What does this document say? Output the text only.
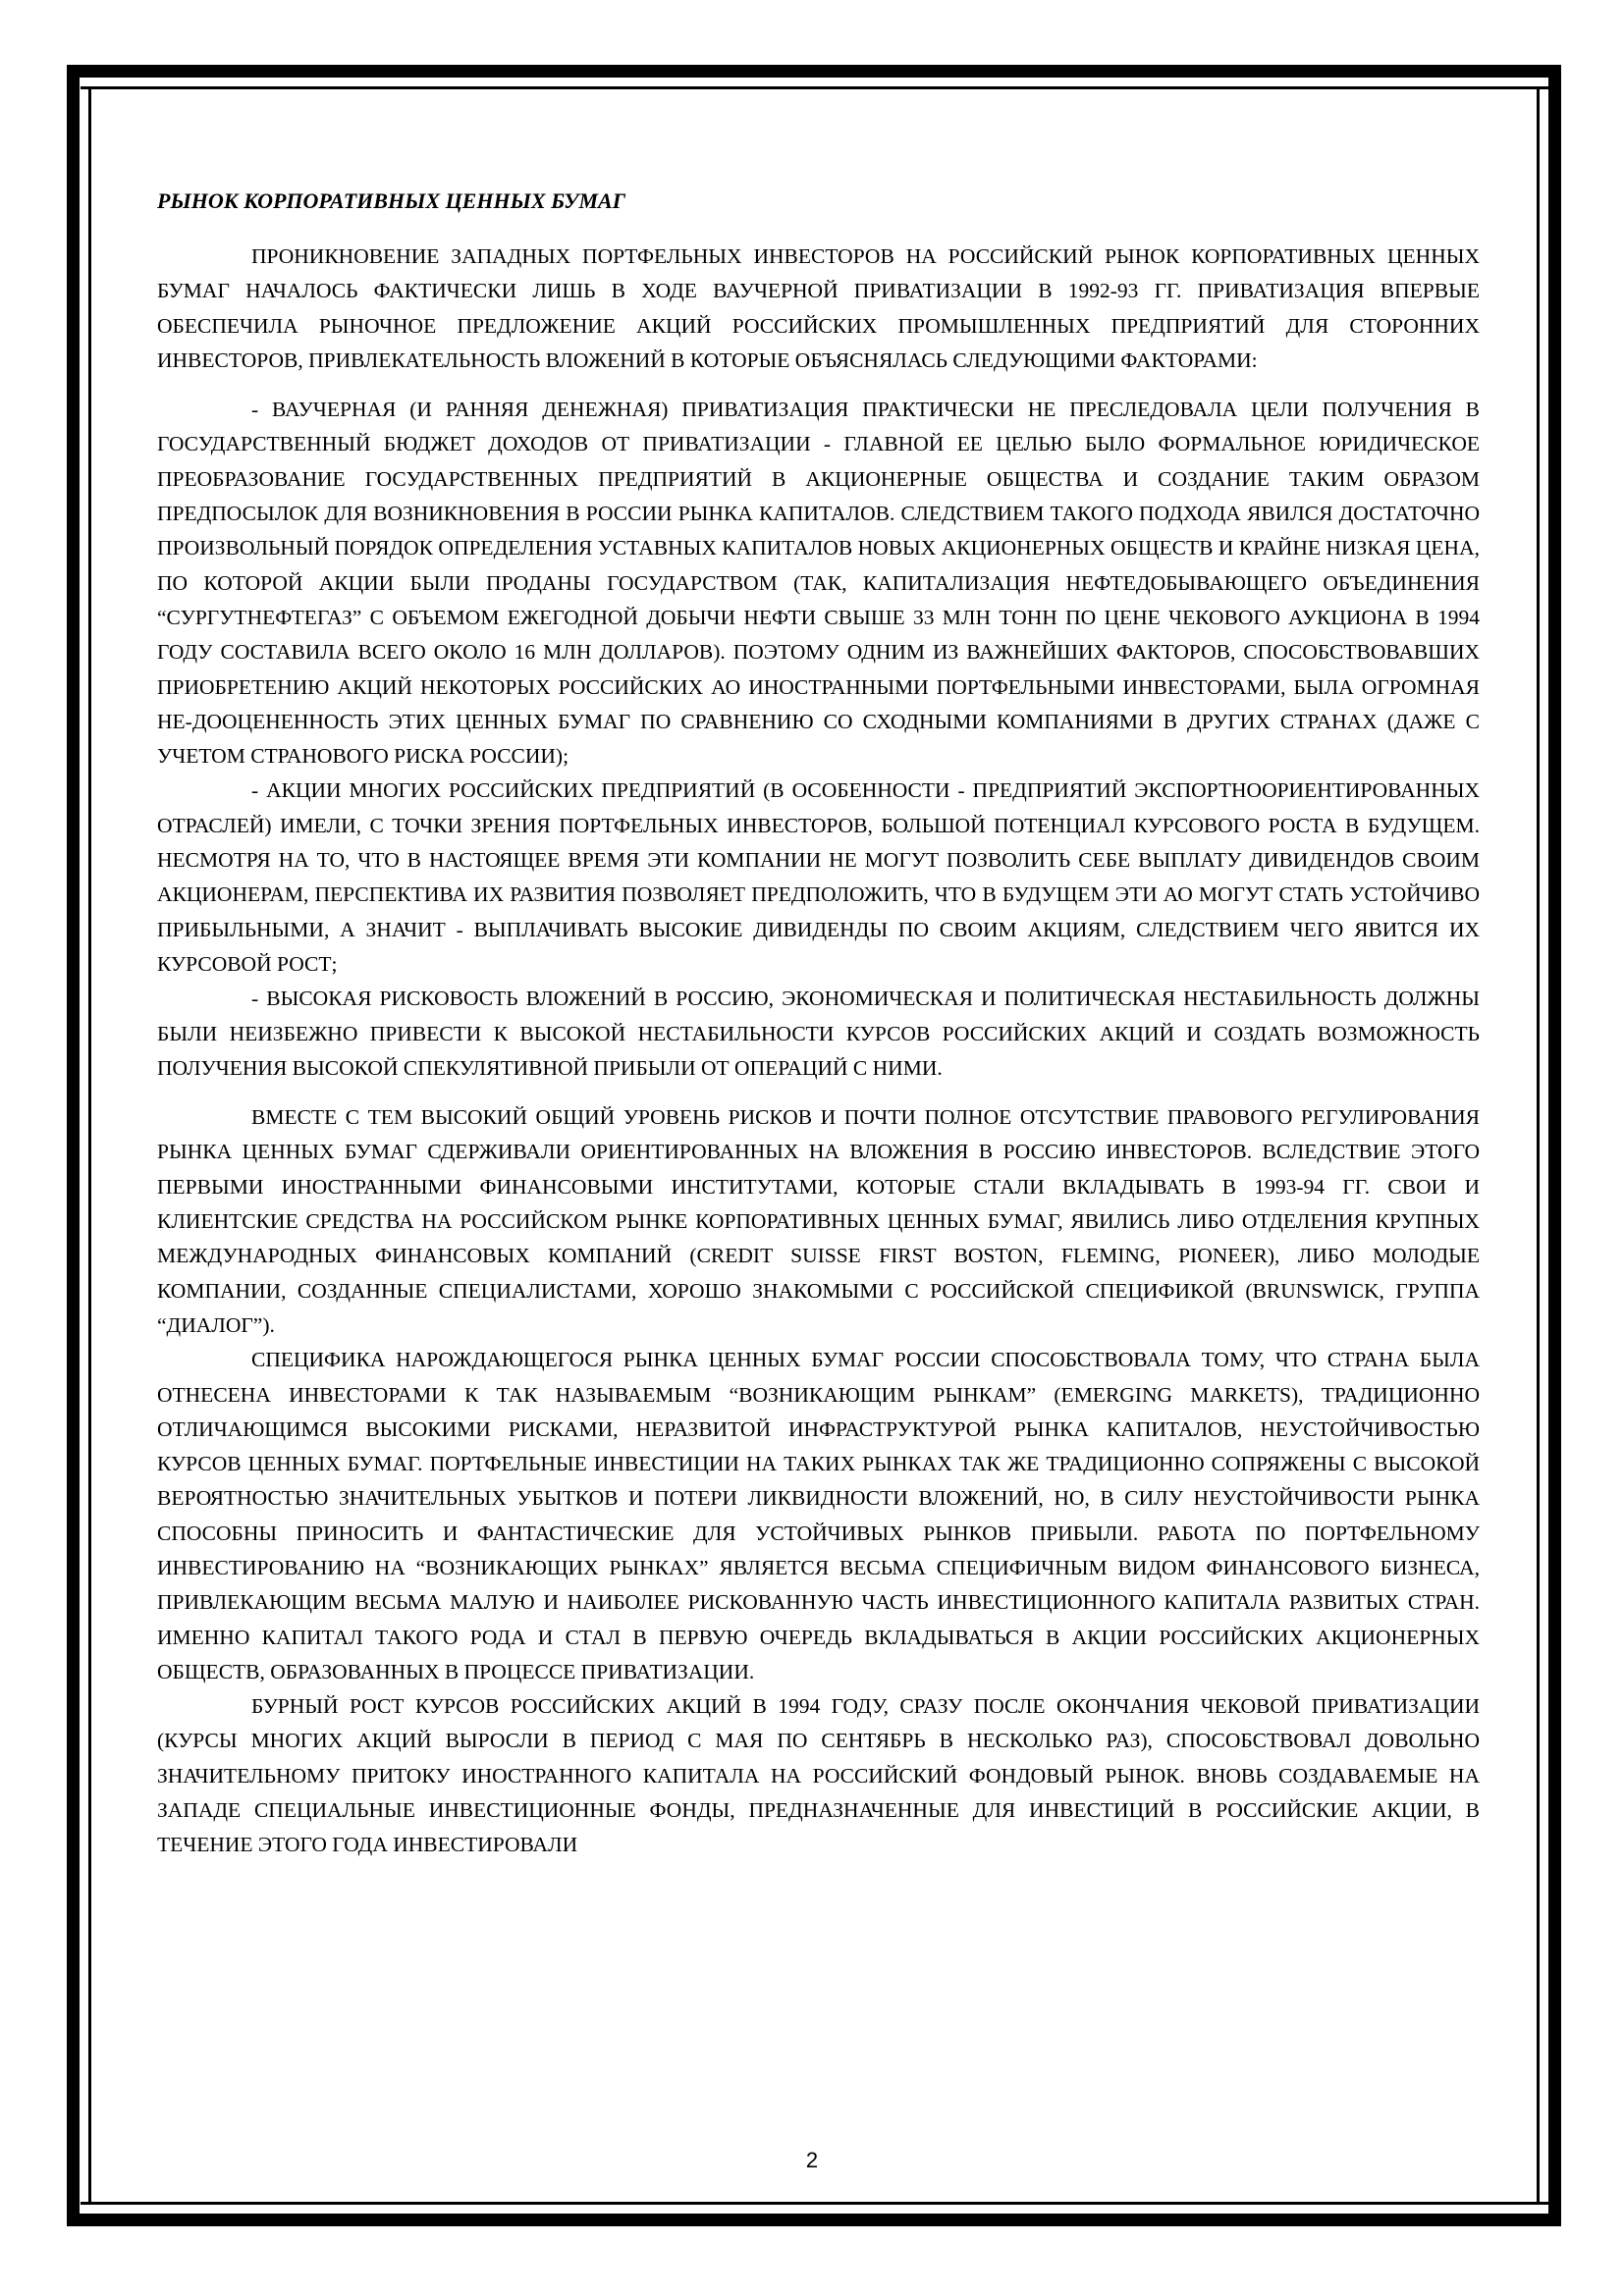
РЫНОК КОРПОРАТИВНЫХ ЦЕННЫХ БУМАГ

ПРОНИКНОВЕНИЕ ЗАПАДНЫХ ПОРТФЕЛЬНЫХ ИНВЕСТОРОВ НА РОССИЙСКИЙ РЫНОК КОРПОРАТИВНЫХ ЦЕННЫХ БУМАГ НАЧАЛОСЬ ФАКТИЧЕСКИ ЛИШЬ В ХОДЕ ВАУЧЕРНОЙ ПРИВАТИЗАЦИИ В 1992-93 ГГ. ПРИВАТИЗАЦИЯ ВПЕРВЫЕ ОБЕСПЕЧИЛА РЫНОЧНОЕ ПРЕДЛОЖЕНИЕ АКЦИЙ РОССИЙСКИХ ПРОМЫШЛЕННЫХ ПРЕДПРИЯТИЙ ДЛЯ СТОРОННИХ ИНВЕСТОРОВ, ПРИВЛЕКАТЕЛЬНОСТЬ ВЛОЖЕНИЙ В КОТОРЫЕ ОБЪЯСНЯЛАСЬ СЛЕДУЮЩИМИ ФАКТОРАМИ:

- ВАУЧЕРНАЯ (И РАННЯЯ ДЕНЕЖНАЯ) ПРИВАТИЗАЦИЯ ПРАКТИЧЕСКИ НЕ ПРЕСЛЕДОВАЛА ЦЕЛИ ПОЛУЧЕНИЯ В ГОСУДАРСТВЕННЫЙ БЮДЖЕТ ДОХОДОВ ОТ ПРИВАТИЗАЦИИ - ГЛАВНОЙ ЕЕ ЦЕЛЬЮ БЫЛО ФОРМАЛЬНОЕ ЮРИДИЧЕСКОЕ ПРЕОБРАЗОВАНИЕ ГОСУДАРСТВЕННЫХ ПРЕДПРИЯТИЙ В АКЦИОНЕРНЫЕ ОБЩЕСТВА И СОЗДАНИЕ ТАКИМ ОБРАЗОМ ПРЕДПОСЫЛОК ДЛЯ ВОЗНИКНОВЕНИЯ В РОССИИ РЫНКА КАПИТАЛОВ. СЛЕДСТВИЕМ ТАКОГО ПОДХОДА ЯВИЛСЯ ДОСТАТОЧНО ПРОИЗВОЛЬНЫЙ ПОРЯДОК ОПРЕДЕЛЕНИЯ УСТАВНЫХ КАПИТАЛОВ НОВЫХ АКЦИОНЕРНЫХ ОБЩЕСТВ И КРАЙНЕ НИЗКАЯ ЦЕНА, ПО КОТОРОЙ АКЦИИ БЫЛИ ПРОДАНЫ ГОСУДАРСТВОМ (ТАК, КАПИТАЛИЗАЦИЯ НЕФТЕДОБЫВАЮЩЕГО ОБЪЕДИНЕНИЯ “СУРГУТНЕФТЕГАЗ” С ОБЪЕМОМ ЕЖЕГОДНОЙ ДОБЫЧИ НЕФТИ СВЫШЕ 33 МЛН ТОНН ПО ЦЕНЕ ЧЕКОВОГО АУКЦИОНА В 1994 ГОДУ СОСТАВИЛА ВСЕГО ОКОЛО 16 МЛН ДОЛЛАРОВ). ПОЭТОМУ ОДНИМ ИЗ ВАЖНЕЙШИХ ФАКТОРОВ, СПОСОБСТВОВАВШИХ ПРИОБРЕТЕНИЮ АКЦИЙ НЕКОТОРЫХ РОССИЙСКИХ АО ИНОСТРАННЫМИ ПОРТФЕЛЬНЫМИ ИНВЕСТОРАМИ, БЫЛА ОГРОМНАЯ НЕ-ДООЦЕНЕННОСТЬ ЭТИХ ЦЕННЫХ БУМАГ ПО СРАВНЕНИЮ СО СХОДНЫМИ КОМПАНИЯМИ В ДРУГИХ СТРАНАХ (ДАЖЕ С УЧЕТОМ СТРАНОВОГО РИСКА РОССИИ);

- АКЦИИ МНОГИХ РОССИЙСКИХ ПРЕДПРИЯТИЙ (В ОСОБЕННОСТИ - ПРЕДПРИЯТИЙ ЭКСПОРТНООРИЕНТИРОВАННЫХ ОТРАСЛЕЙ) ИМЕЛИ, С ТОЧКИ ЗРЕНИЯ ПОРТФЕЛЬНЫХ ИНВЕСТОРОВ, БОЛЬШОЙ ПОТЕНЦИАЛ КУРСОВОГО РОСТА В БУДУЩЕМ. НЕСМОТРЯ НА ТО, ЧТО В НАСТОЯЩЕЕ ВРЕМЯ ЭТИ КОМПАНИИ НЕ МОГУТ ПОЗВОЛИТЬ СЕБЕ ВЫПЛАТУ ДИВИДЕНДОВ СВОИМ АКЦИОНЕРАМ, ПЕРСПЕКТИВА ИХ РАЗВИТИЯ ПОЗВОЛЯЕТ ПРЕДПОЛОЖИТЬ, ЧТО В БУДУЩЕМ ЭТИ АО МОГУТ СТАТЬ УСТОЙЧИВО ПРИБЫЛЬНЫМИ, А ЗНАЧИТ - ВЫПЛАЧИВАТЬ ВЫСОКИЕ ДИВИДЕНДЫ ПО СВОИМ АКЦИЯМ, СЛЕДСТВИЕМ ЧЕГО ЯВИТСЯ ИХ КУРСОВОЙ РОСТ;

- ВЫСОКАЯ РИСКОВОСТЬ ВЛОЖЕНИЙ В РОССИЮ, ЭКОНОМИЧЕСКАЯ И ПОЛИТИЧЕСКАЯ НЕСТАБИЛЬНОСТЬ ДОЛЖНЫ БЫЛИ НЕИЗБЕЖНО ПРИВЕСТИ К ВЫСОКОЙ НЕСТАБИЛЬНОСТИ КУРСОВ РОССИЙСКИХ АКЦИЙ И СОЗДАТЬ ВОЗМОЖНОСТЬ ПОЛУЧЕНИЯ ВЫСОКОЙ СПЕКУЛЯТИВНОЙ ПРИБЫЛИ ОТ ОПЕРАЦИЙ С НИМИ.

ВМЕСТЕ С ТЕМ ВЫСОКИЙ ОБЩИЙ УРОВЕНЬ РИСКОВ И ПОЧТИ ПОЛНОЕ ОТСУТСТВИЕ ПРАВОВОГО РЕГУЛИРОВАНИЯ РЫНКА ЦЕННЫХ БУМАГ СДЕРЖИВАЛИ ОРИЕНТИРОВАННЫХ НА ВЛОЖЕНИЯ В РОССИЮ ИНВЕСТОРОВ. ВСЛЕДСТВИЕ ЭТОГО ПЕРВЫМИ ИНОСТРАННЫМИ ФИНАНСОВЫМИ ИНСТИТУТАМИ, КОТОРЫЕ СТАЛИ ВКЛАДЫВАТЬ В 1993-94 ГГ. СВОИ И КЛИЕНТСКИЕ СРЕДСТВА НА РОССИЙСКОМ РЫНКЕ КОРПОРАТИВНЫХ ЦЕННЫХ БУМАГ, ЯВИЛИСЬ ЛИБО ОТДЕЛЕНИЯ КРУПНЫХ МЕЖДУНАРОДНЫХ ФИНАНСОВЫХ КОМПАНИЙ (CREDIT SUISSE FIRST BOSTON, FLEMING, PIONEER), ЛИБО МОЛОДЫЕ КОМПАНИИ, СОЗДАННЫЕ СПЕЦИАЛИСТАМИ, ХОРОШО ЗНАКОМЫМИ С РОССИЙСКОЙ СПЕЦИФИКОЙ (BRUNSWICK, ГРУППА “ДИАЛОГ”).

СПЕЦИФИКА НАРОЖДАЮЩЕГОСЯ РЫНКА ЦЕННЫХ БУМАГ РОССИИ СПОСОБСТВОВАЛА ТОМУ, ЧТО СТРАНА БЫЛА ОТНЕСЕНА ИНВЕСТОРАМИ К ТАК НАЗЫВАЕМЫМ “ВОЗНИКАЮЩИМ РЫНКАМ” (EMERGING MARKETS), ТРАДИЦИОННО ОТЛИЧАЮЩИМСЯ ВЫСОКИМИ РИСКАМИ, НЕРАЗВИТОЙ ИНФРАСТРУКТУРОЙ РЫНКА КАПИТАЛОВ, НЕУСТОЙЧИВОСТЬЮ КУРСОВ ЦЕННЫХ БУМАГ. ПОРТФЕЛЬНЫЕ ИНВЕСТИЦИИ НА ТАКИХ РЫНКАХ ТАК ЖЕ ТРАДИЦИОННО СОПРЯЖЕНЫ С ВЫСОКОЙ ВЕРОЯТНОСТЬЮ ЗНАЧИТЕЛЬНЫХ УБЫТКОВ И ПОТЕРИ ЛИКВИДНОСТИ ВЛОЖЕНИЙ, НО, В СИЛУ НЕУСТОЙЧИВОСТИ РЫНКА СПОСОБНЫ ПРИНОСИТЬ И ФАНТАСТИЧЕСКИЕ ДЛЯ УСТОЙЧИВЫХ РЫНКОВ ПРИБЫЛИ. РАБОТА ПО ПОРТФЕЛЬНОМУ ИНВЕСТИРОВАНИЮ НА “ВОЗНИКАЮЩИХ РЫНКАХ” ЯВЛЯЕТСЯ ВЕСЬМА СПЕЦИФИЧНЫМ ВИДОМ ФИНАНСОВОГО БИЗНЕСА, ПРИВЛЕКАЮЩИМ ВЕСЬМА МАЛУЮ И НАИБОЛЕЕ РИСКОВАННУЮ ЧАСТЬ ИНВЕСТИЦИОННОГО КАПИТАЛА РАЗВИТЫХ СТРАН. ИМЕННО КАПИТАЛ ТАКОГО РОДА И СТАЛ В ПЕРВУЮ ОЧЕРЕДЬ ВКЛАДЫВАТЬСЯ В АКЦИИ РОССИЙСКИХ АКЦИОНЕРНЫХ ОБЩЕСТВ, ОБРАЗОВАННЫХ В ПРОЦЕССЕ ПРИВАТИЗАЦИИ.

БУРНЫЙ РОСТ КУРСОВ РОССИЙСКИХ АКЦИЙ В 1994 ГОДУ, СРАЗУ ПОСЛЕ ОКОНЧАНИЯ ЧЕКОВОЙ ПРИВАТИЗАЦИИ (КУРСЫ МНОГИХ АКЦИЙ ВЫРОСЛИ В ПЕРИОД С МАЯ ПО СЕНТЯБРЬ В НЕСКОЛЬКО РАЗ), СПОСОБСТВОВАЛ ДОВОЛЬНО ЗНАЧИТЕЛЬНОМУ ПРИТОКУ ИНОСТРАННОГО КАПИТАЛА НА РОССИЙСКИЙ ФОНДОВЫЙ РЫНОК. ВНОВЬ СОЗДАВАЕМЫЕ НА ЗАПАДЕ СПЕЦИАЛЬНЫЕ ИНВЕСТИЦИОННЫЕ ФОНДЫ, ПРЕДНАЗНАЧЕННЫЕ ДЛЯ ИНВЕСТИЦИЙ В РОССИЙСКИЕ АКЦИИ, В ТЕЧЕНИЕ ЭТОГО ГОДА ИНВЕСТИРОВАЛИ

2
